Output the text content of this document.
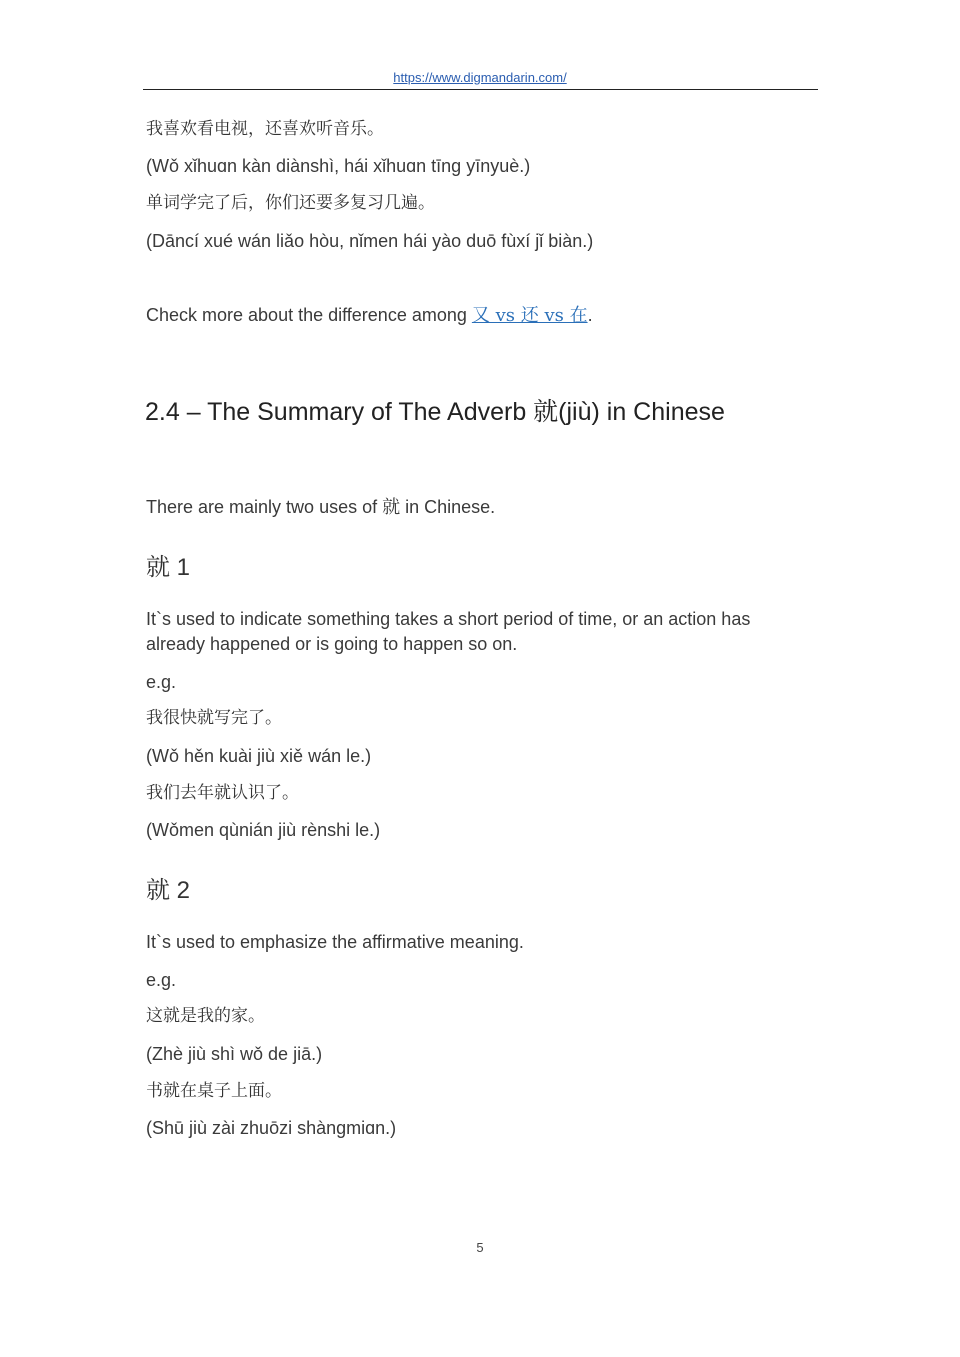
https://www.digmandarin.com/
我喜欢看电视，还喜欢听音乐。
(Wǒ xǐhuɑn kàn diànshì, hái xǐhuɑn tīng yīnyuè.)
单词学完了后，你们还要多复习几遍。
(Dāncí xué wán liǎo hòu, nǐmen hái yào duō fùxí jǐ biàn.)
Check more about the difference among 又 vs 还 vs 在.
2.4 – The Summary of The Adverb 就(jiù) in Chinese
There are mainly two uses of 就 in Chinese.
就 1
It`s used to indicate something takes a short period of time, or an action has already happened or is going to happen so on.
e.g.
我很快就写完了。
(Wǒ hěn kuài jiù xiě wán le.)
我们去年就认识了。
(Wǒmen qùnián jiù rènshi le.)
就 2
It`s used to emphasize the affirmative meaning.
e.g.
这就是我的家。
(Zhè jiù shì wǒ de jiā.)
书就在桌子上面。
(Shū jiù zài zhuōzi shàngmiɑn.)
5
